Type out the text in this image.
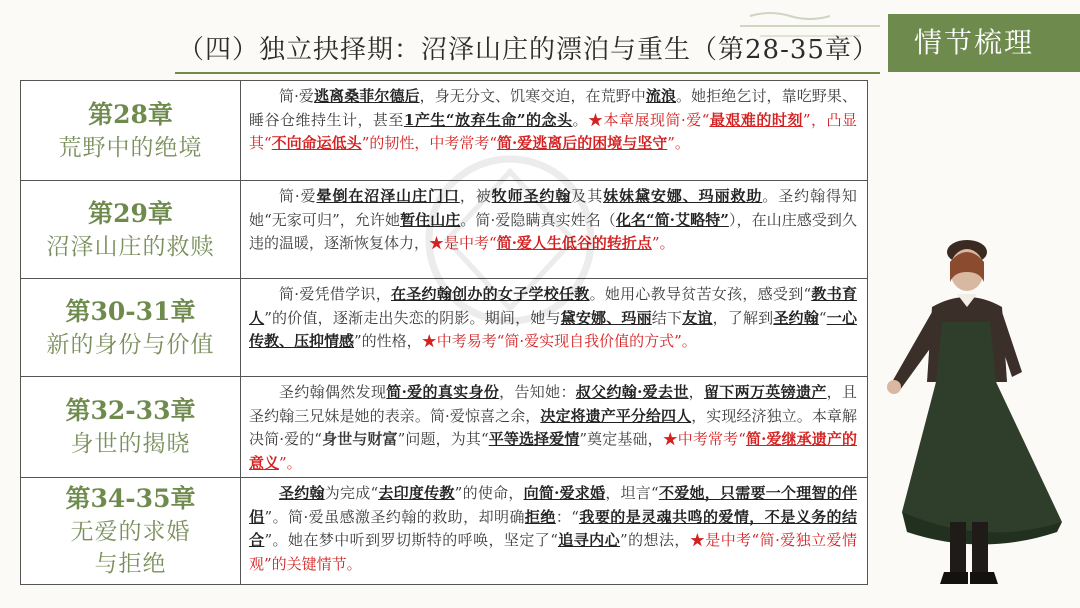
（四）独立抉择期：沼泽山庄的漂泊与重生（第28-35章）	情节梳理
第28章
荒野中的绝境
简·爱逃离桑菲尔德后，身无分文、饥寒交迫，在荒野中流浪。她拒绝乞讨，靠吃野果、睡谷仓维持生计，甚至1产生“放弃生命”的念头。★本章展现简·爱“最艰难的时刻”，凸显其“不向命运低头”的韧性，中考常考“简·爱逃离后的困境与坚守”。
第29章
沼泽山庄的救赎
简·爱晕倒在沼泽山庄门口，被牧师圣约翰及其妹妹黛安娜、玛丽救助。圣约翰得知她“无家可归”，允许她暂住山庄。简·爱隐瞒真实姓名（化名“简·艾略特”），在山庄感受到久违的温暖，逐渐恢复体力，★是中考“简·爱人生低谷的转折点”。
第30-31章
新的身份与价值
简·爱凭借学识，在圣约翰创办的女子学校任教。她用心教导贫苦女孩，感受到“教书育人”的价值，逐渐走出失恋的阴影。期间，她与黛安娜、玛丽结下友谊，了解到圣约翰“一心传教、压抑情感”的性格，★中考易考“简·爱实现自我价值的方式”。
第32-33章
身世的揭晓
圣约翰偶然发现简·爱的真实身份，告知她：叔父约翰·爱去世，留下两万英镑遗产，且圣约翰三兄妹是她的表亲。简·爱惊喜之余，决定将遗产平分给四人，实现经济独立。本章解决简·爱的“身世与财富”问题，为其“平等选择爱情”奠定基础，★中考常考“简·爱继承遗产的意义”。
第34-35章
无爱的求婚
与拒绝
圣约翰为完成“去印度传教”的使命，向简·爱求婚，坦言“不爱她，只需要一个理智的伴侣”。简·爱虽感激圣约翰的救助，却明确拒绝：“我要的是灵魂共鸣的爱情，不是义务的结合”。她在梦中听到罗切斯特的呼唤，坚定了“追寻内心”的想法，★是中考“简·爱独立爱情观”的关键情节。
